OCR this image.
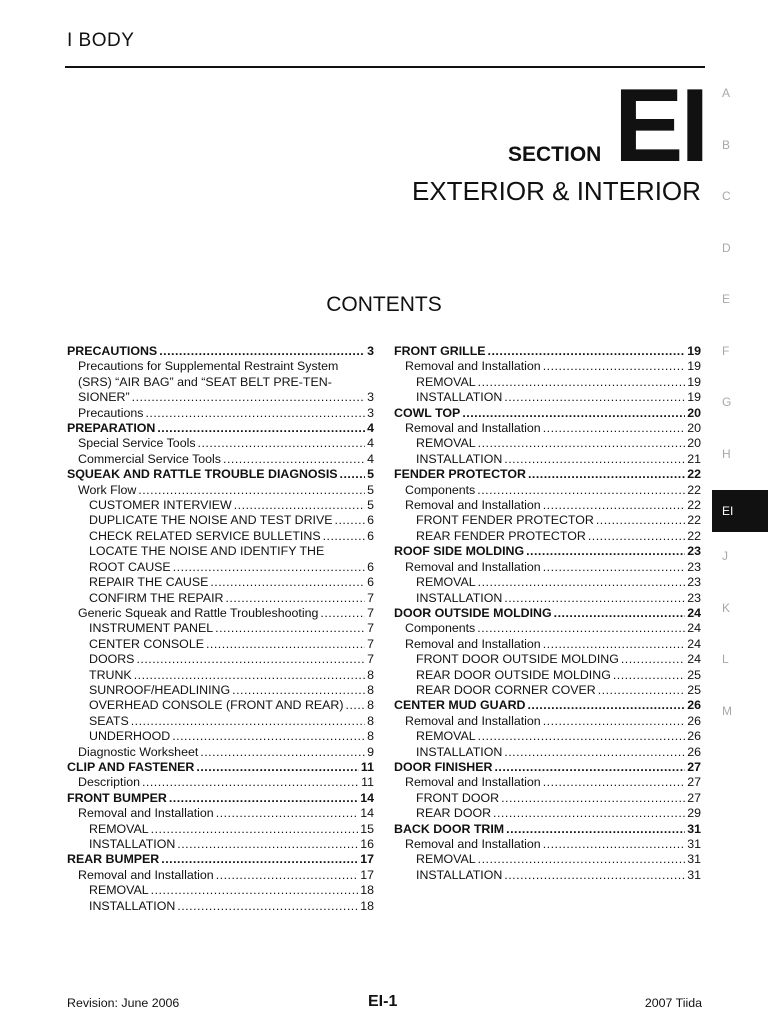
I BODY
SECTION EI
EXTERIOR & INTERIOR
CONTENTS
PRECAUTIONS .....	3
Precautions for Supplemental Restraint System
(SRS) “AIR BAG” and “SEAT BELT PRE-TEN-
SIONER” .....	3
Precautions .....	3
PREPARATION .....	4
Special Service Tools .....	4
Commercial Service Tools .....	4
SQUEAK AND RATTLE TROUBLE DIAGNOSIS ..... 5
Work Flow .....	5
CUSTOMER INTERVIEW .....	5
DUPLICATE THE NOISE AND TEST DRIVE .....	6
CHECK RELATED SERVICE BULLETINS .....	6
LOCATE THE NOISE AND IDENTIFY THE
ROOT CAUSE .....	6
REPAIR THE CAUSE .....	6
CONFIRM THE REPAIR .....	7
Generic Squeak and Rattle Troubleshooting .....	7
INSTRUMENT PANEL .....	7
CENTER CONSOLE .....	7
DOORS .....	7
TRUNK .....	8
SUNROOF/HEADLINING .....	8
OVERHEAD CONSOLE (FRONT AND REAR) ..... 8
SEATS .....	8
UNDERHOOD .....	8
Diagnostic Worksheet .....	9
CLIP AND FASTENER .....	11
Description .....	11
FRONT BUMPER .....	14
Removal and Installation .....	14
REMOVAL .....	15
INSTALLATION .....	16
REAR BUMPER .....	17
Removal and Installation .....	17
REMOVAL .....	18
INSTALLATION .....	18
FRONT GRILLE .....	19
Removal and Installation .....	19
REMOVAL .....	19
INSTALLATION .....	19
COWL TOP .....	20
Removal and Installation .....	20
REMOVAL .....	20
INSTALLATION .....	21
FENDER PROTECTOR .....	22
Components .....	22
Removal and Installation .....	22
FRONT FENDER PROTECTOR .....	22
REAR FENDER PROTECTOR .....	22
ROOF SIDE MOLDING .....	23
Removal and Installation .....	23
REMOVAL .....	23
INSTALLATION .....	23
DOOR OUTSIDE MOLDING .....	24
Components .....	24
Removal and Installation .....	24
FRONT DOOR OUTSIDE MOLDING .....	24
REAR DOOR OUTSIDE MOLDING .....	25
REAR DOOR CORNER COVER .....	25
CENTER MUD GUARD .....	26
Removal and Installation .....	26
REMOVAL .....	26
INSTALLATION .....	26
DOOR FINISHER .....	27
Removal and Installation .....	27
FRONT DOOR .....	27
REAR DOOR .....	29
BACK DOOR TRIM .....	31
Removal and Installation .....	31
REMOVAL .....	31
INSTALLATION .....	31
A
B
C
D
E
F
G
H
EI
J
K
L
M
Revision: June 2006	EI-1	2007 Tiida
